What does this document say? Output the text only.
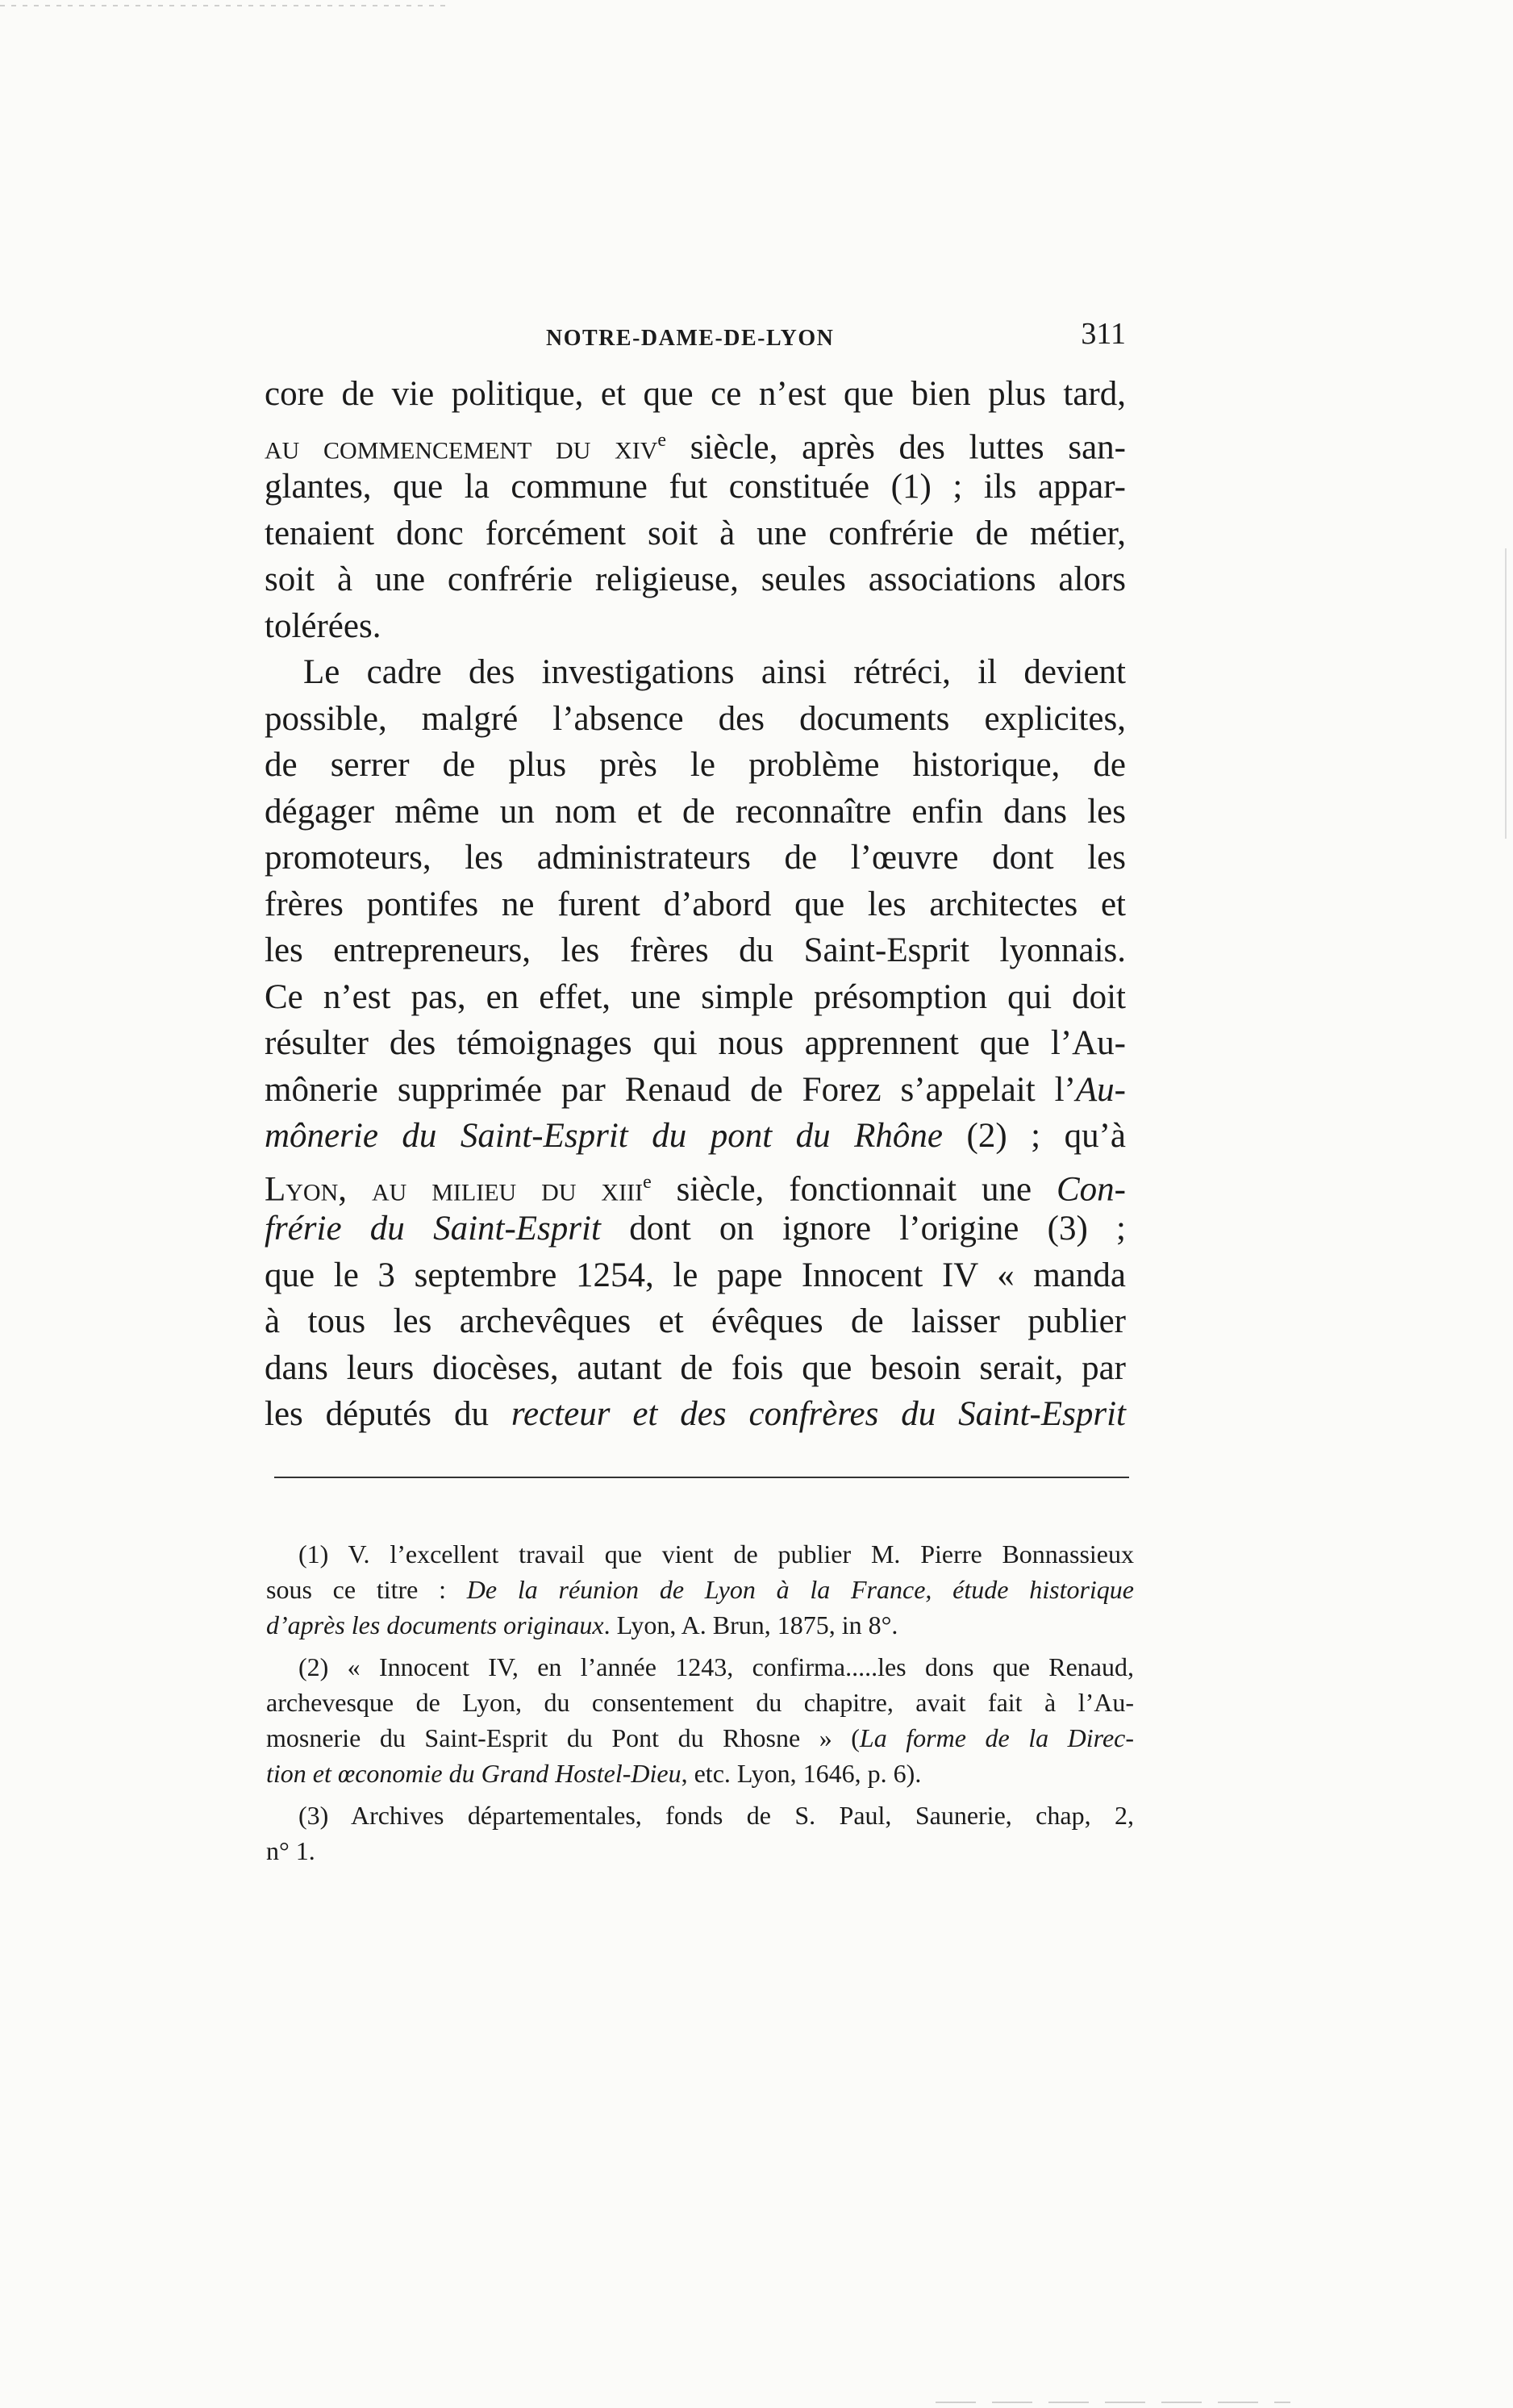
NOTRE-DAME-DE-LYON	311
core de vie politique, et que ce n’est que bien plus tard,
au commencement du xiv$^e$ siècle, après des luttes san-
glantes, que la commune fut constituée (1) ; ils appar-
tenaient donc forcément soit à une confrérie de métier,
soit à une confrérie religieuse, seules associations alors
tolérées.
Le cadre des investigations ainsi rétréci, il devient
possible, malgré l’absence des documents explicites,
de serrer de plus près le problème historique, de
dégager même un nom et de reconnaître enfin dans les
promoteurs, les administrateurs de l’œuvre dont les
frères pontifes ne furent d’abord que les architectes et
les entrepreneurs, les frères du Saint-Esprit lyonnais.
Ce n’est pas, en effet, une simple présomption qui doit
résulter des témoignages qui nous apprennent que l’Au-
mônerie supprimée par Renaud de Forez s’appelait l’Au-
mônerie du Saint-Esprit du pont du Rhône (2) ; qu’à
Lyon, au milieu du xiii$^e$ siècle, fonctionnait une Con-
frérie du Saint-Esprit dont on ignore l’origine (3) ;
que le 3 septembre 1254, le pape Innocent IV « manda
à tous les archevêques et évêques de laisser publier
dans leurs diocèses, autant de fois que besoin serait, par
les députés du recteur et des confrères du Saint-Esprit
(1) V. l’excellent travail que vient de publier M. Pierre Bonnassieux
sous ce titre : De la réunion de Lyon à la France, étude historique
d’après les documents originaux. Lyon, A. Brun, 1875, in 8°.
(2) « Innocent IV, en l’année 1243, confirma.....les dons que Renaud,
archevesque de Lyon, du consentement du chapitre, avait fait à l’Au-
mosnerie du Saint-Esprit du Pont du Rhosne » (La forme de la Direc-
tion et œconomie du Grand Hostel-Dieu, etc. Lyon, 1646, p. 6).
(3) Archives départementales, fonds de S. Paul, Saunerie, chap, 2,
n° 1.
